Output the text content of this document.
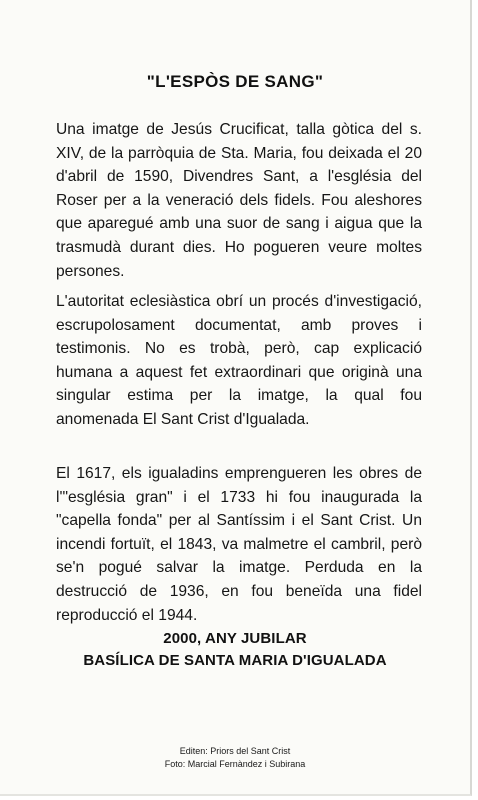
"L'ESPÒS DE SANG"

Una imatge de Jesús Crucificat, talla gòtica del s. XIV, de la parròquia de Sta. Maria, fou deixada el 20 d'abril de 1590, Divendres Sant, a l'església del Roser per a la veneració dels fidels. Fou aleshores que aparegué amb una suor de sang i aigua que la trasmudà durant dies. Ho pogueren veure moltes persones.

L'autoritat eclesiàstica obrí un procés d'investigació, escrupolosament documentat, amb proves i testimonis. No es trobà, però, cap explicació humana a aquest fet extraordinari que originà una singular estima per la imatge, la qual fou anomenada El Sant Crist d'Igualada.

El 1617, els igualadins emprengueren les obres de l'"església gran" i el 1733 hi fou inaugurada la "capella fonda" per al Santíssim i el Sant Crist. Un incendi fortuït, el 1843, va malmetre el cambril, però se'n pogué salvar la imatge. Perduda en la destrucció de 1936, en fou beneïda una fidel reproducció el 1944.

2000, ANY JUBILAR
BASÍLICA DE SANTA MARIA D'IGUALADA
Editen: Priors del Sant Crist
Foto: Marcial Fernàndez i Subirana
